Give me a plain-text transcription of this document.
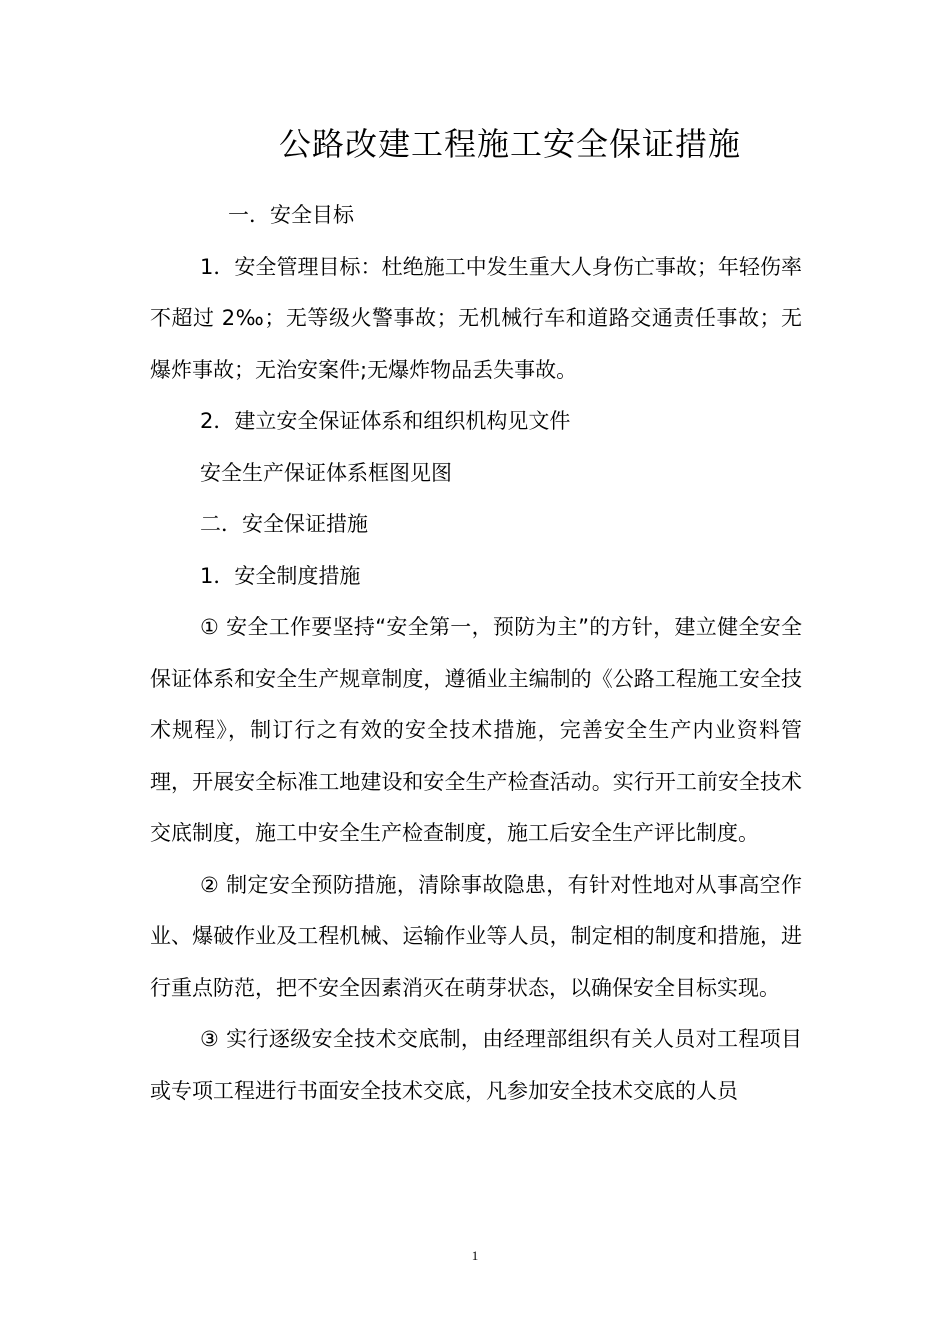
公路改建工程施工安全保证措施

一．安全目标

1．安全管理目标：杜绝施工中发生重大人身伤亡事故；年轻伤率不超过 2‰；无等级火警事故；无机械行车和道路交通责任事故；无爆炸事故；无治安案件;无爆炸物品丢失事故。

2．建立安全保证体系和组织机构见文件

安全生产保证体系框图见图

二．安全保证措施

1．安全制度措施

① 安全工作要坚持“安全第一，预防为主”的方针，建立健全安全保证体系和安全生产规章制度，遵循业主编制的《公路工程施工安全技术规程》，制订行之有效的安全技术措施，完善安全生产内业资料管理，开展安全标准工地建设和安全生产检查活动。实行开工前安全技术交底制度，施工中安全生产检查制度，施工后安全生产评比制度。

② 制定安全预防措施，清除事故隐患，有针对性地对从事高空作业、爆破作业及工程机械、运输作业等人员，制定相的制度和措施，进行重点防范，把不安全因素消灭在萌芽状态，以确保安全目标实现。

③ 实行逐级安全技术交底制，由经理部组织有关人员对工程项目或专项工程进行书面安全技术交底，凡参加安全技术交底的人员

1
